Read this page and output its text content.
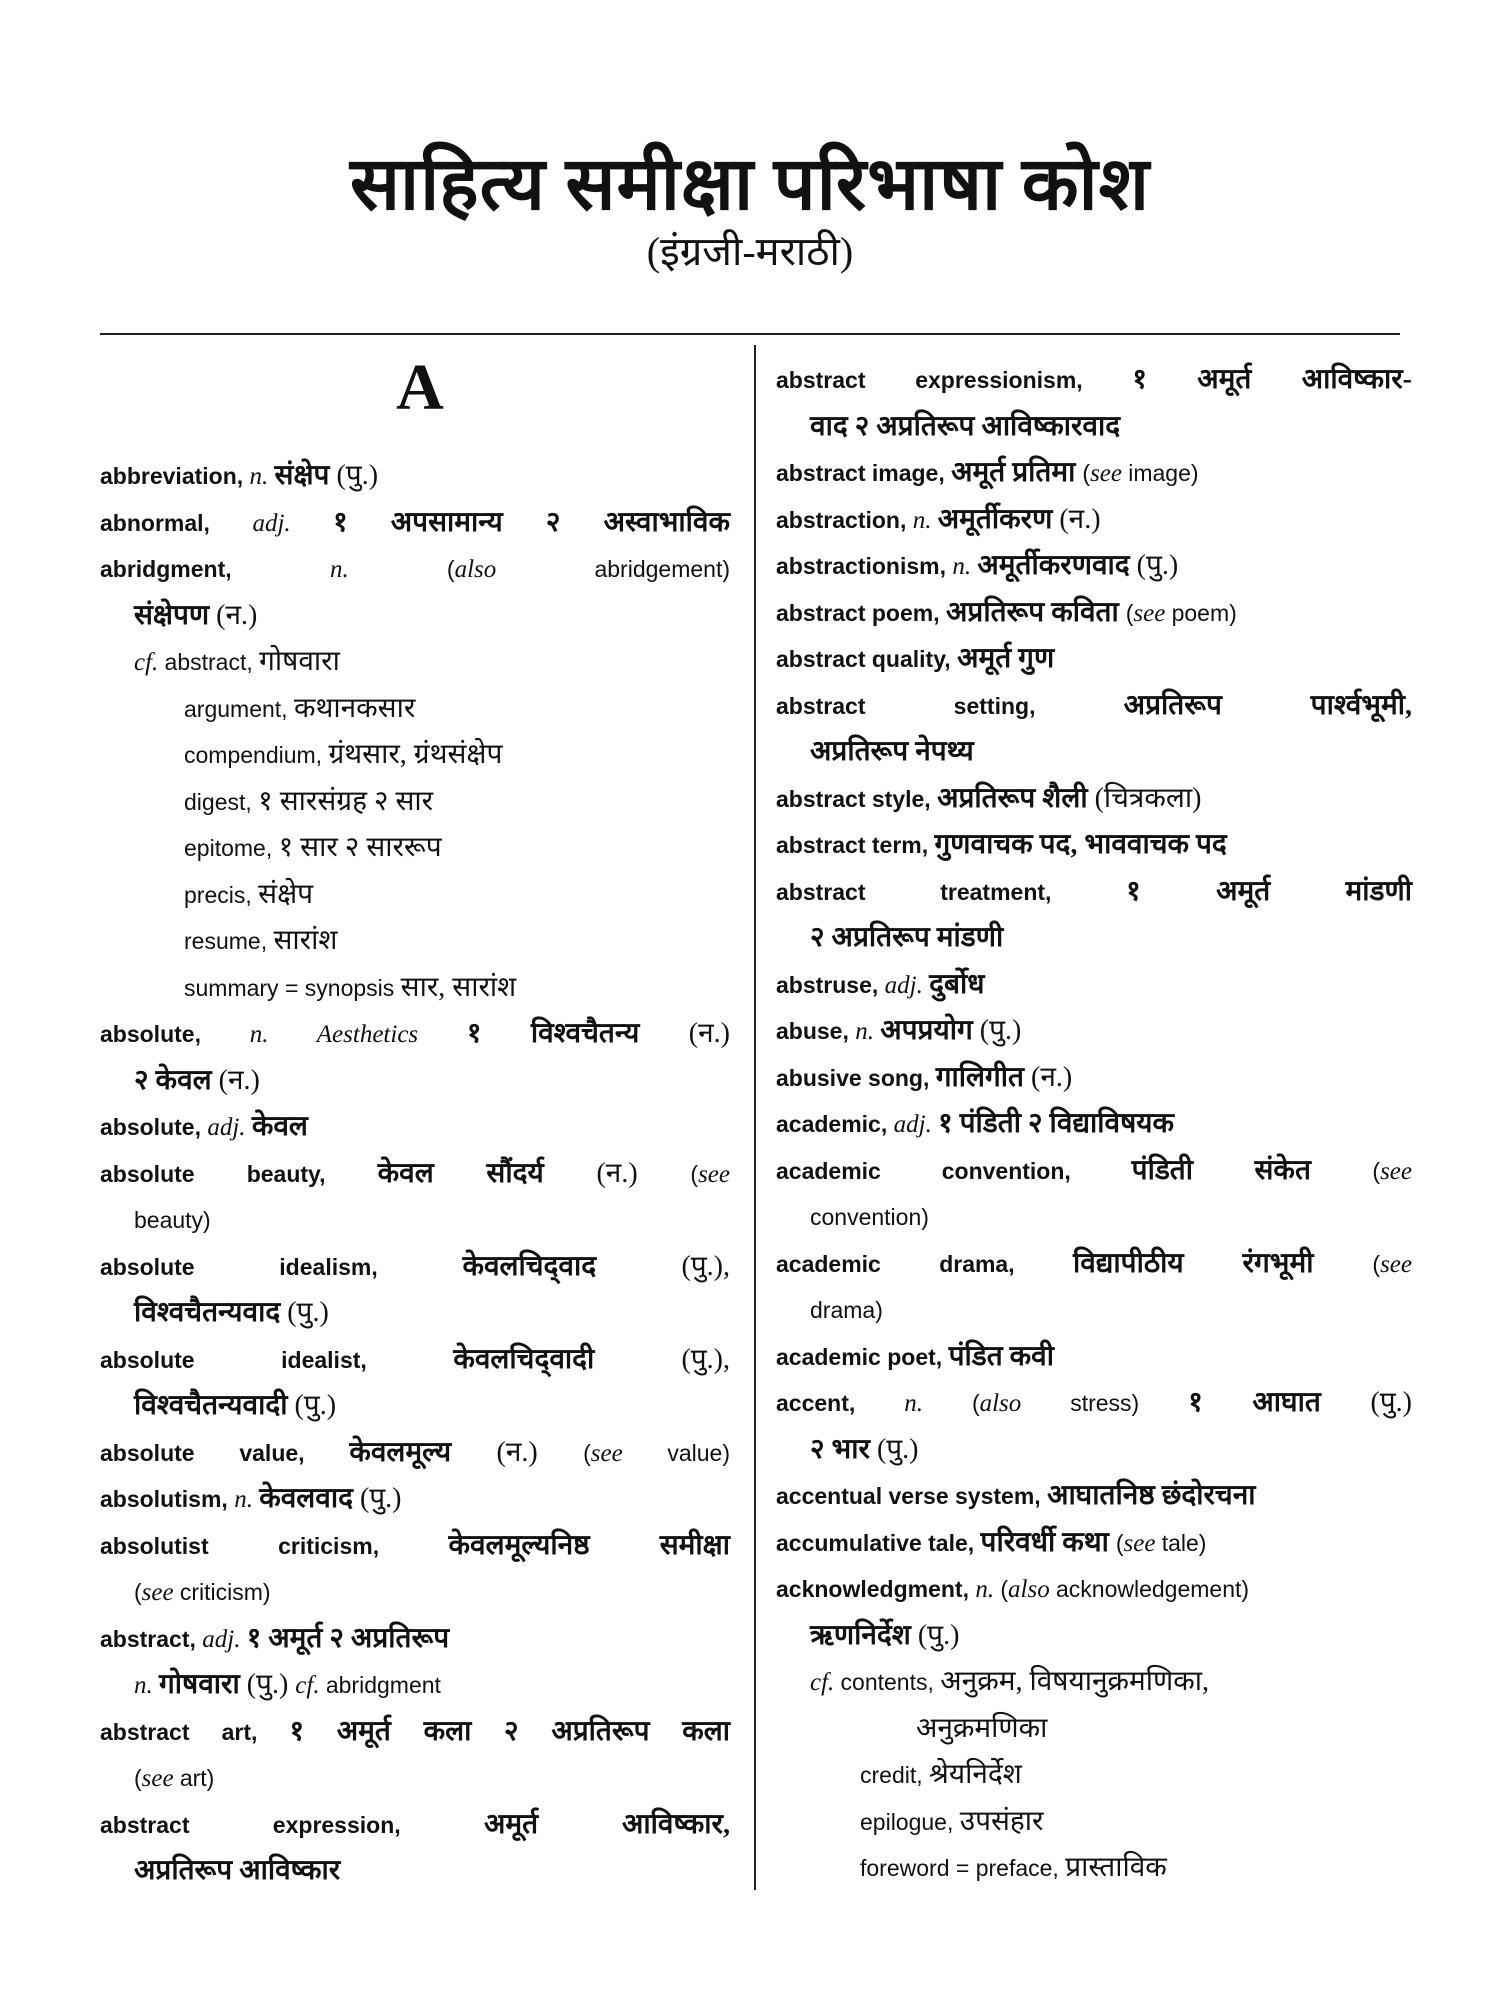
साहित्य समीक्षा परिभाषा कोश
(इंग्रजी-मराठी)
A
abbreviation, n. संक्षेप (पु.)
abnormal, adj. १ अपसामान्य २ अस्वाभाविक
abridgment, n. (also abridgement)
संक्षेपण (न.)
cf. abstract, गोषवारा
argument, कथानकसार
compendium, ग्रंथसार, ग्रंथसंक्षेप
digest, १ सारसंग्रह २ सार
epitome, १ सार २ साररूप
precis, संक्षेप
resume, सारांश
summary = synopsis सार, सारांश
absolute, n. Aesthetics १ विश्वचैतन्य (न.)
२ केवल (न.)
absolute, adj. केवल
absolute beauty, केवल सौंदर्य (न.) (see
beauty)
absolute idealism, केवलचिद्‌वाद (पु.),
विश्वचैतन्यवाद (पु.)
absolute idealist, केवलचिद्‌वादी (पु.),
विश्वचैतन्यवादी (पु.)
absolute value, केवलमूल्य (न.) (see value)
absolutism, n. केवलवाद (पु.)
absolutist criticism, केवलमूल्यनिष्ठ समीक्षा
(see criticism)
abstract, adj. १ अमूर्त २ अप्रतिरूप
n. गोषवारा (पु.) cf. abridgment
abstract art, १ अमूर्त कला २ अप्रतिरूप कला
(see art)
abstract expression, अमूर्त आविष्कार,
अप्रतिरूप आविष्कार
abstract expressionism, १ अमूर्त आविष्कार-
वाद २ अप्रतिरूप आविष्कारवाद
abstract image, अमूर्त प्रतिमा (see image)
abstraction, n. अमूर्तीकरण (न.)
abstractionism, n. अमूर्तीकरणवाद (पु.)
abstract poem, अप्रतिरूप कविता (see poem)
abstract quality, अमूर्त गुण
abstract setting, अप्रतिरूप पार्श्वभूमी,
अप्रतिरूप नेपथ्य
abstract style, अप्रतिरूप शैली (चित्रकला)
abstract term, गुणवाचक पद, भाववाचक पद
abstract treatment, १ अमूर्त मांडणी
२ अप्रतिरूप मांडणी
abstruse, adj. दुर्बोध
abuse, n. अपप्रयोग (पु.)
abusive song, गालिगीत (न.)
academic, adj. १ पंडिती २ विद्याविषयक
academic convention, पंडिती संकेत (see
convention)
academic drama, विद्यापीठीय रंगभूमी (see
drama)
academic poet, पंडित कवी
accent, n. (also stress) १ आघात (पु.)
२ भार (पु.)
accentual verse system, आघातनिष्ठ छंदोरचना
accumulative tale, परिवर्धी कथा (see tale)
acknowledgment, n. (also acknowledgement)
ऋणनिर्देश (पु.)
cf. contents, अनुक्रम, विषयानुक्रमणिका,
अनुक्रमणिका
credit, श्रेयनिर्देश
epilogue, उपसंहार
foreword = preface, प्रास्ताविक
